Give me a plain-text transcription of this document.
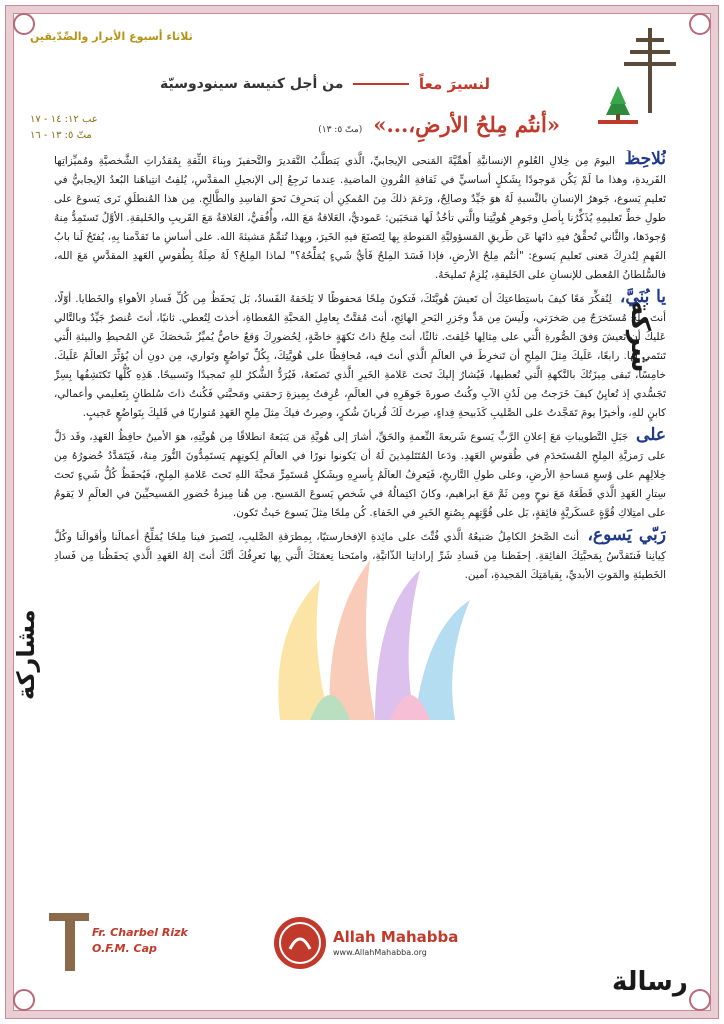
ثلاثاء أسبوع الأبرار والصِّدّيقين
لنسيرَ معاً
من أجل كنيسة سينودوسيّة
عب ١٢: ١٤ - ١٧
متّ ٥: ١٣ - ١٦	«أنتُم مِلحُ الأرضِ،...» (متّ ٥: ١٣)
شركة
مشاركة
رسالة

نُلاحِظُ اليومَ مِن خِلالِ العُلومِ الإنسانيَّةِ أَهمِّيَّةَ المَنحى الإيجابيِّ، الَّذي يَتطلَّبُ التَّقديرَ والتَّحفيزَ وبِناءَ الثِّقةِ بِمُقدُراتِ الشَّخصيَّةِ ومُميِّزاتِها الفَريدةِ، وهذا ما لَمْ يَكُن مَوجودًا بِشَكلٍ أساسيٍّ في ثَقافةِ القُرونِ الماضيةِ. عِندما نَرجِعُ إلى الإنجيلِ المقدَّسِ، يُلفِتُ انتِباهَنا البُعدُ الإيجابيُّ في تَعليمِ يَسوع، جَوهرُ الإنسانِ بالنِّسبةِ لَهُ هوَ جَيِّدٌ وصالِحٌ، ورَغمَ ذلكَ مِنَ المُمكِنِ أن يَنحرِفَ نَحوَ الفاسِدِ والطَّالِحِ. مِن هذا المُنطلَقِ نَرى يَسوعَ على طولِ خطِّ تَعليمِهِ يُذَكِّرُنا بِأصلِ وجَوهرِ هُويَّتِنا والَّتي تأخُذُ لَها مَنحَيَين: عَموديٌّ، العَلاقةُ مَعَ الله، وأُفُقيٌّ، العَلاقةُ مَعَ القَريبِ والخَليقةِ. الأوَّلُ تَستَمِدُّ مِنهُ وُجودَها، والثَّاني تُحقِّقُ فيهِ ذاتَها عَن طَريقِ المَسؤوليَّةِ المَنوطةِ بِها لِتَصنَعَ فيهِ الخَيرَ، وبِهذا تُتمِّمُ مَشيئةَ الله. على أساسِ ما تَقدَّمنا بِهِ، يُفتَحُ لَنا بابُ الفَهمِ لِنُدرِكَ مَعنى تَعليمِ يَسوع: "أنتُم مِلحُ الأرضِ، فإذا فَسَدَ المِلحُ فَأيُّ شَيءٍ يُمَلِّحُهُ؟" لماذا المِلحُ؟ لَهُ صِلَةٌ بِطُقوسِ العَهدِ المقدَّسِ مَعَ الله، فالسُّلطانُ المُعطى للإنسانِ على الخَليقةِ، يُلزِمُ تَمليحَهُ.

يا بُنَيَّ، لِنُفكِّرَ مَعًا كيفَ باستِطاعتِكَ أن تَعيشَ هُويَّتَكَ، فَتكونَ مِلحًا مَحفوظًا لا يَلحَقهُ الفَسادُ، بَل يَحفَظُ مِن كُلِّ فَسادِ الأهواءِ والخَطايا. أوّلًا، أنتَ مِلحٌ مُستَخرَجٌ مِن صَخرَتي، ولَيسَ مِن مَدِّ وجَزرِ البَحرِ الهائِجِ، أنتَ مُقتَّتٌ بِعامِلِ المَحبَّةِ المُعطاةِ، أخذتَ لِتُعطي. ثانيًا، أنتَ عُنصرٌ جَيِّدٌ وبالتَّالي عَليكَ أن تَعيشَ وَفقَ الصُّورةِ الَّتي على مِثالِها خُلِقتَ. ثالثًا، أنتَ مِلحٌ ذاتُ نَكهَةٍ خاصَّةٍ، لِحُضورِكَ وَقعٌ خاصٌّ يُميِّزُ شَخصَكَ عَنِ المُحيطِ والبيئةِ الَّتي تَنتَمي لَها. رابعًا، عَلَيكَ مِثلَ المِلحِ أن تَنخرِطَ في العالَمِ الَّذي أنتَ فيه، مُحافِظًا على هُويَّتِكَ، بِكُلِّ تَواضُعٍ وتَواري، مِن دونِ أن يُؤثِّرَ العالَمُ عَلَيكَ. خامِسًا، تَبقى مِيزَتُكَ بالنَّكهةِ الَّتي تُعطيها، فَيُشارُ إليكَ تَحتَ عَلامةِ الخَيرِ الَّذي تَصنَعهُ، فَيُرَدُّ الشُّكرُ للهِ تَمجيدًا وتَسبيحًا. هَذِهِ كُلُّها تَكتَشِفُها بِسِرِّ تَجَسُّدي إذ تُعايِنُ كيفَ خَرَجتُ مِن لَدُنِ الآبِ وكُنتُ صورةَ جَوهَرِهِ في العالَمِ، عُرِفتُ بِمِيزةِ رَحمَتي ومَحبَّتي فَكُنتُ ذاتَ سُلطانٍ بِتَعليمي وأعمالي، كابنٍ للهِ، وأخيرًا يومَ تَمَجَّدتُ على الصَّليبِ كَذَبيحةِ فِداءٍ، صِرتُ لَكَ قُربانَ شُكرٍ، وصِرتُ فيكَ مِثلَ مِلحِ العَهدِ مُتواريًا في قَلبِكَ بِتَواضُعٍ عَجيبٍ.

على جَبَلِ التَّطويباتِ مَعَ إعلانِ الرَّبِّ يَسوع شَريعةَ النِّعمةِ والحَقِّ، أشارَ إلى هُويَّةِ مَن يَتبَعهُ انطلاقًا مِن هُويَّتِهِ، هوَ الأمينُ حافِظُ العَهدِ، وقَد دَلَّ على رَمزيَّةِ المِلحِ المُستَخدَمِ في طُقوسِ العَهدِ. ودَعا المُتَتَلمِذينَ لَهُ أن يَكونوا نورًا في العالَمِ لِكونِهِم يَستَمِدُّونَ النُّورَ مِنهُ، فَيَتَمَدَّدُ حُضورُهُ مِن خِلالِهِم على وُسعِ مَساحةِ الأرضِ، وعلى طولِ التَّاريخِ، فَيَعرِفُ العالَمُ بِأسرِهِ وبِشَكلٍ مُستَمِرٍّ مَحبَّةَ اللهِ تَحتَ عَلامةِ المِلحِ، فَيُحفَظُ كُلُّ شَيءٍ تَحتَ سِتارِ العَهدِ الَّذي قَطَعَهُ مَعَ نوحٍ ومِن ثَمَّ مَعَ ابراهيم، وكانَ اكتِمالُهُ في شَخصِ يَسوعَ المَسيح. مِن هُنا مِيزةُ حُضورِ المَسيحيِّينَ في العالَمِ لا يَقومُ على امتِلاكِ قُوَّةٍ عَسكَريَّةٍ فائِقةٍ، بَل على قُوَّتِهِم بِصُنعِ الخَيرِ في الخَفاءِ. كُن مِلحًا مِثلَ يَسوع حَيثُ تَكون.

رَبّي يَسوع، أنتَ الصَّخرُ الكامِلُ صَنيعُهُ الَّذي فُتِّتَ على مائِدةِ الإفخارستيّا، بِمِطرَقةِ الصَّليبِ، لِتَصيرَ فينا مِلحًا يُمَلِّحُ أعمالَنا وأقوالَنا وكُلَّ كِيانِنا فَنتَقدَّسُ بِمَحبَّتِكَ الفائِقةِ. إحفَظنا مِن فَسادِ شَرِّ إراداتِنا الذّاتيَّةِ، وامنَحنا نِعمَتَكَ الَّتي بِها نَعرِفُكَ أنَّكَ أنتَ إلهُ العَهدِ الَّذي يَحفَظُنا مِن فَسادِ الخَطيئةِ والمَوتِ الأبديِّ، بِقيامَتِكَ المَجيدةِ، آمين.

Fr. Charbel Rizk
O.F.M. Cap
Allah Mahabba
www.AllahMahabba.org
